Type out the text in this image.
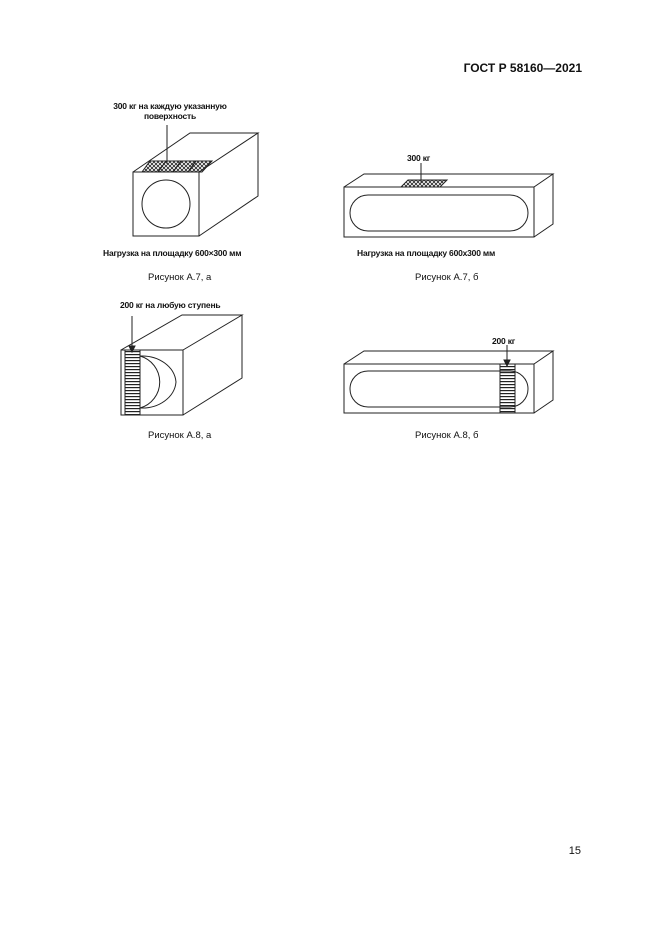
ГОСТ Р 58160—2021
300 кг на каждую указанную
поверхность
Нагрузка на площадку 600×300 мм
Рисунок А.7, а
300 кг
Нагрузка на площадку 600х300 мм
Рисунок А.7, б
200 кг на любую ступень
Рисунок А.8, а
200 кг
Рисунок А.8, б
15
